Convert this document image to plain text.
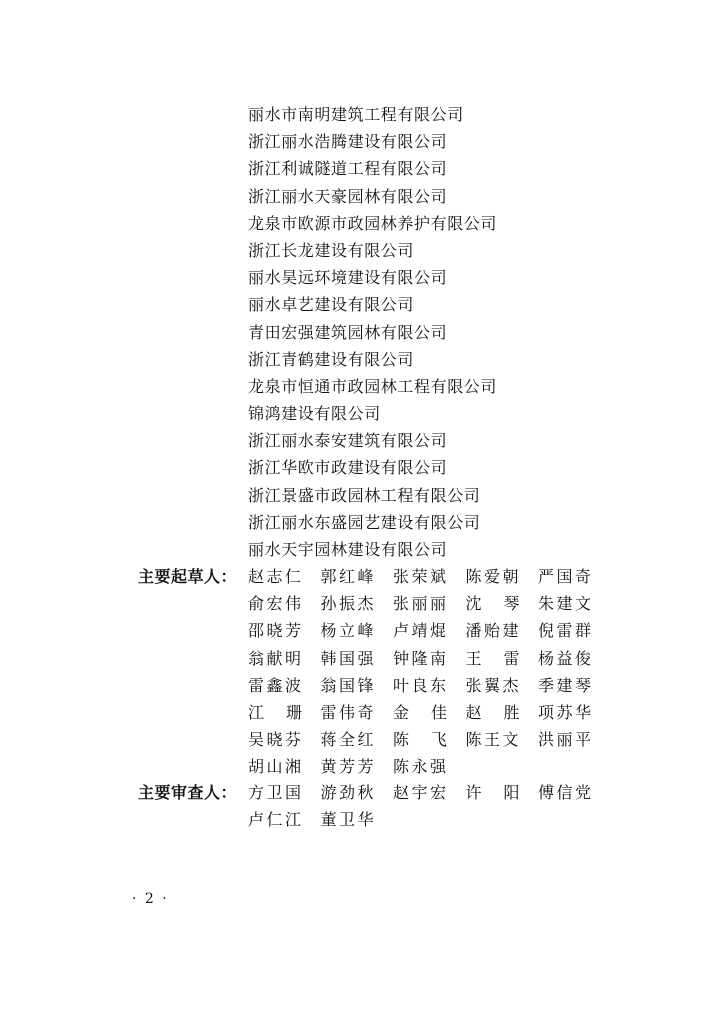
丽水市南明建筑工程有限公司
浙江丽水浩腾建设有限公司
浙江利诚隧道工程有限公司
浙江丽水天豪园林有限公司
龙泉市欧源市政园林养护有限公司
浙江长龙建设有限公司
丽水昊远环境建设有限公司
丽水卓艺建设有限公司
青田宏强建筑园林有限公司
浙江青鹤建设有限公司
龙泉市恒通市政园林工程有限公司
锦鸿建设有限公司
浙江丽水泰安建筑有限公司
浙江华欧市政建设有限公司
浙江景盛市政园林工程有限公司
浙江丽水东盛园艺建设有限公司
丽水天宇园林建设有限公司
主要起草人： 赵 志 仁 郭 红 峰 张 荣 斌 陈 爱 朝 严 国 奇
俞 宏 伟 孙 振 杰 张 丽 丽 沈 琴 朱 建 文
邵 晓 芳 杨 立 峰 卢 靖 焜 潘 贻 建 倪 雷 群
翁 献 明 韩 国 强 钟 隆 南 王 雷 杨 益 俊
雷 鑫 波 翁 国 锋 叶 良 东 张 翼 杰 季 建 琴
江 珊 雷 伟 奇 金 佳 赵 胜 项 苏 华
吴 晓 芬 蒋 全 红 陈 飞 陈 王 文 洪 丽 平
胡 山 湘 黄 芳 芳 陈 永 强
主要审查人： 方 卫 国 游 劲 秋 赵 宇 宏 许 阳 傅 信 党
卢 仁 江 董 卫 华
· 2 ·
